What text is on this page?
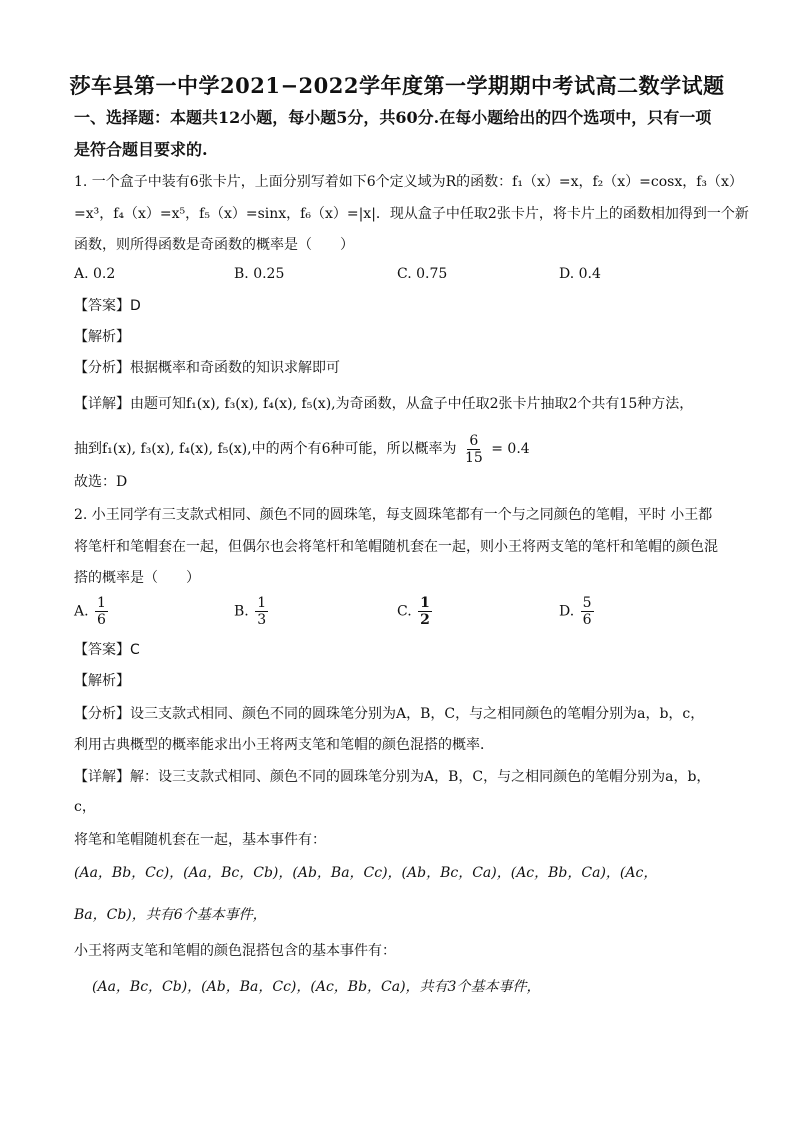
莎车县第一中学2021−2022学年度第一学期期中考试高二数学试题
一、选择题：本题共12小题，每小题5分，共60分.在每小题给出的四个选项中，只有一项
是符合题目要求的.
1. 一个盒子中装有6张卡片，上面分别写着如下6个定义域为R的函数：f₁（x）=x，f₂（x）=cosx，f₃（x）
=x³，f₄（x）=x⁵，f₅（x）=sinx，f₆（x）=|x|．现从盒子中任取2张卡片，将卡片上的函数相加得到一个新
函数，则所得函数是奇函数的概率是（　　）
A. 0.2	B. 0.25	C. 0.75	D. 0.4
【答案】D
【解析】
【分析】根据概率和奇函数的知识求解即可
【详解】由题可知f₁(x), f₃(x), f₄(x), f₅(x),为奇函数，从盒子中任取2张卡片抽取2个共有15种方法，
抽到f₁(x), f₃(x), f₄(x), f₅(x),中的两个有6种可能，所以概率为 $\frac{6}{15} = 0.4$
故选：D
2. 小王同学有三支款式相同、颜色不同的圆珠笔，每支圆珠笔都有一个与之同颜色的笔帽，平时 小王都
将笔杆和笔帽套在一起，但偶尔也会将笔杆和笔帽随机套在一起，则小王将两支笔的笔杆和笔帽的颜色混
搭的概率是（　　）
A. $\frac{1}{6}$	B. $\frac{1}{3}$	C. $\frac{1}{2}$	D. $\frac{5}{6}$
【答案】C
【解析】
【分析】设三支款式相同、颜色不同的圆珠笔分别为A，B，C，与之相同颜色的笔帽分别为a，b，c，
利用古典概型的概率能求出小王将两支笔和笔帽的颜色混搭的概率．
【详解】解：设三支款式相同、颜色不同的圆珠笔分别为A，B，C，与之相同颜色的笔帽分别为a，b，
c，
将笔和笔帽随机套在一起，基本事件有：
(Aa，Bb，Cc)，(Aa，Bc，Cb)，(Ab，Ba，Cc)，(Ab，Bc，Ca)，(Ac，Bb，Ca)，(Ac，
Ba，Cb)，共有6个基本事件，
小王将两支笔和笔帽的颜色混搭包含的基本事件有：
(Aa，Bc，Cb)，(Ab，Ba，Cc)，(Ac，Bb，Ca)，共有3个基本事件，
